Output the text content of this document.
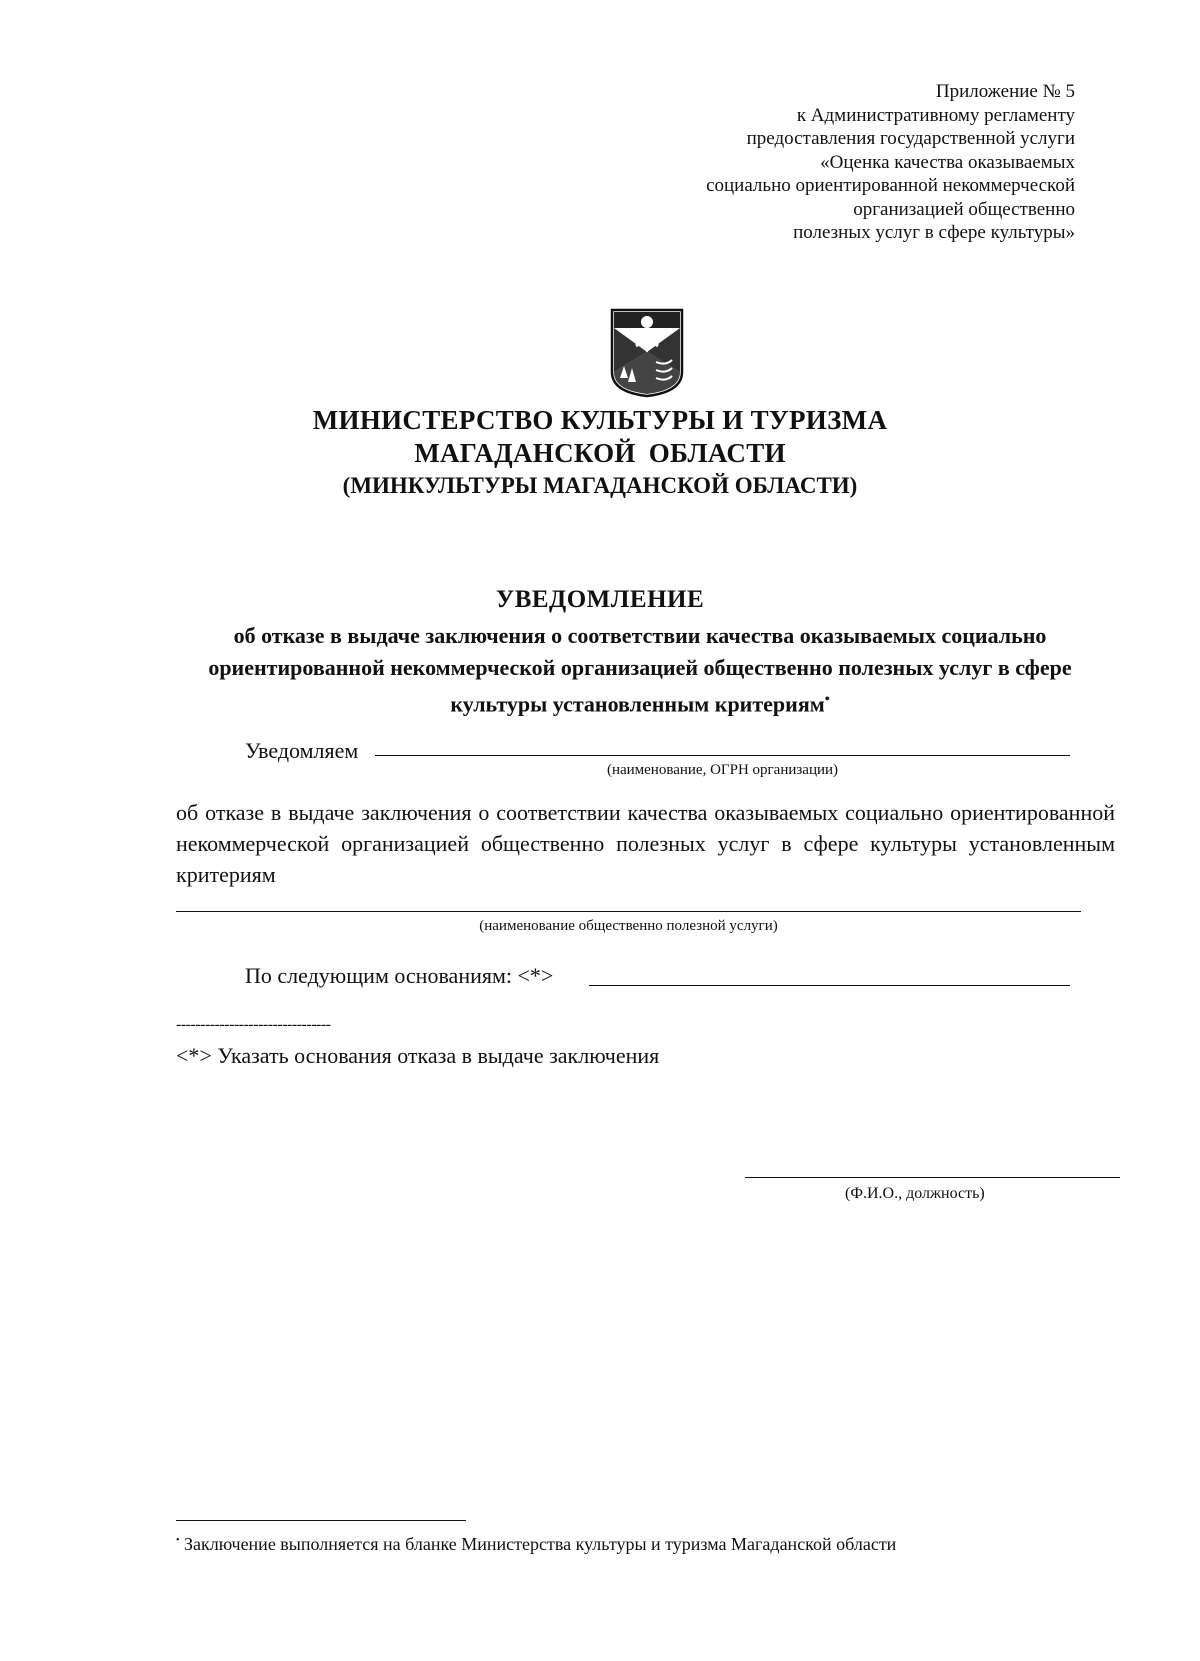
Приложение № 5
к Административному регламенту
предоставления государственной услуги
«Оценка качества оказываемых
социально ориентированной некоммерческой
организацией общественно
полезных услуг в сфере культуры»
МИНИСТЕРСТВО КУЛЬТУРЫ И ТУРИЗМА
МАГАДАНСКОЙ ОБЛАСТИ
(МИНКУЛЬТУРЫ МАГАДАНСКОЙ ОБЛАСТИ)
УВЕДОМЛЕНИЕ
об отказе в выдаче заключения о соответствии качества оказываемых социально ориентированной некоммерческой организацией общественно полезных услуг в сфере культуры установленным критериям•
Уведомляем
(наименование, ОГРН организации)
об отказе в выдаче заключения о соответствии качества оказываемых социально ориентированной некоммерческой организацией общественно полезных услуг в сфере культуры установленным критериям
(наименование общественно полезной услуги)
По следующим основаниям: <*>
--------------------------------
<*> Указать основания отказа в выдаче заключения
(Ф.И.О., должность)
• Заключение выполняется на бланке Министерства культуры и туризма Магаданской области
